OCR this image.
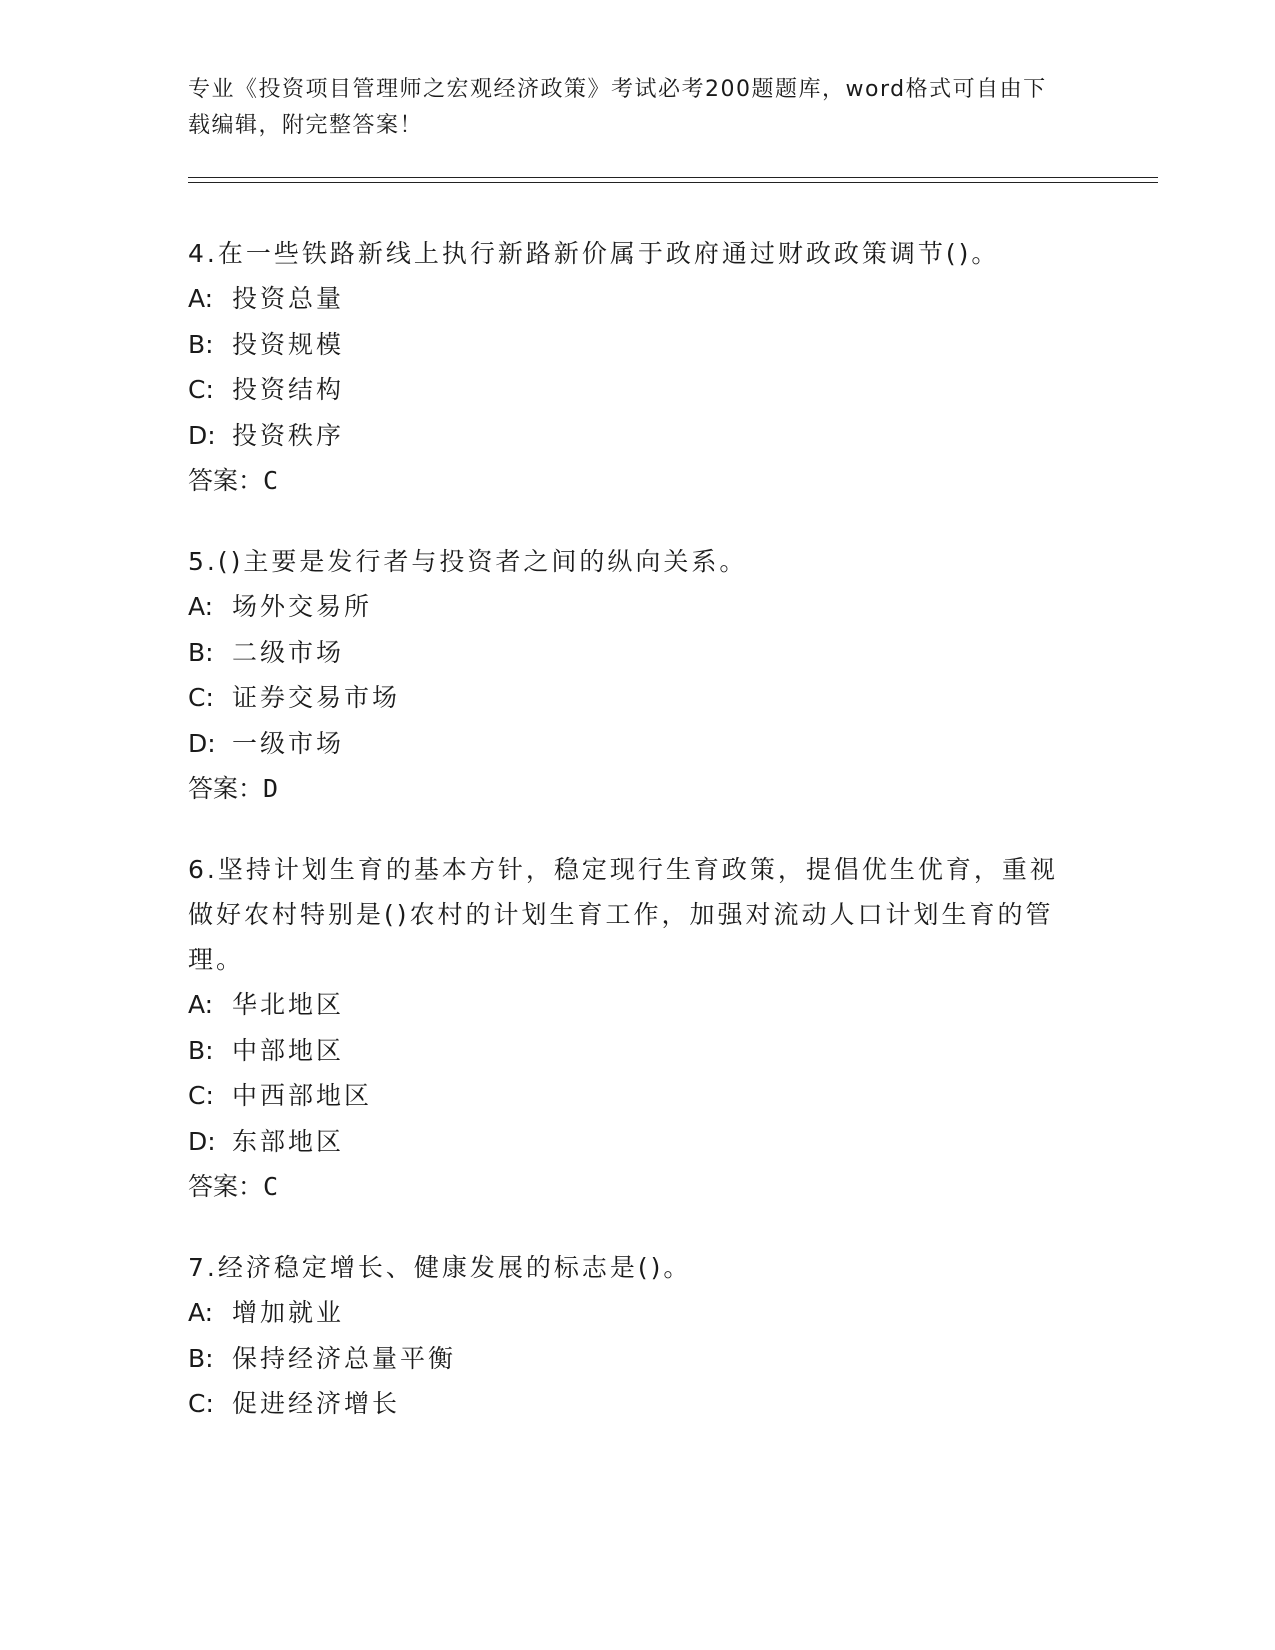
专业《投资项目管理师之宏观经济政策》考试必考200题题库，word格式可自由下载编辑，附完整答案！
4.在一些铁路新线上执行新路新价属于政府通过财政政策调节()。
A: 投资总量
B: 投资规模
C: 投资结构
D: 投资秩序
答案：C
5.()主要是发行者与投资者之间的纵向关系。
A: 场外交易所
B: 二级市场
C: 证券交易市场
D: 一级市场
答案：D
6.坚持计划生育的基本方针，稳定现行生育政策，提倡优生优育，重视做好农村特别是()农村的计划生育工作，加强对流动人口计划生育的管理。
A: 华北地区
B: 中部地区
C: 中西部地区
D: 东部地区
答案：C
7.经济稳定增长、健康发展的标志是()。
A: 增加就业
B: 保持经济总量平衡
C: 促进经济增长
